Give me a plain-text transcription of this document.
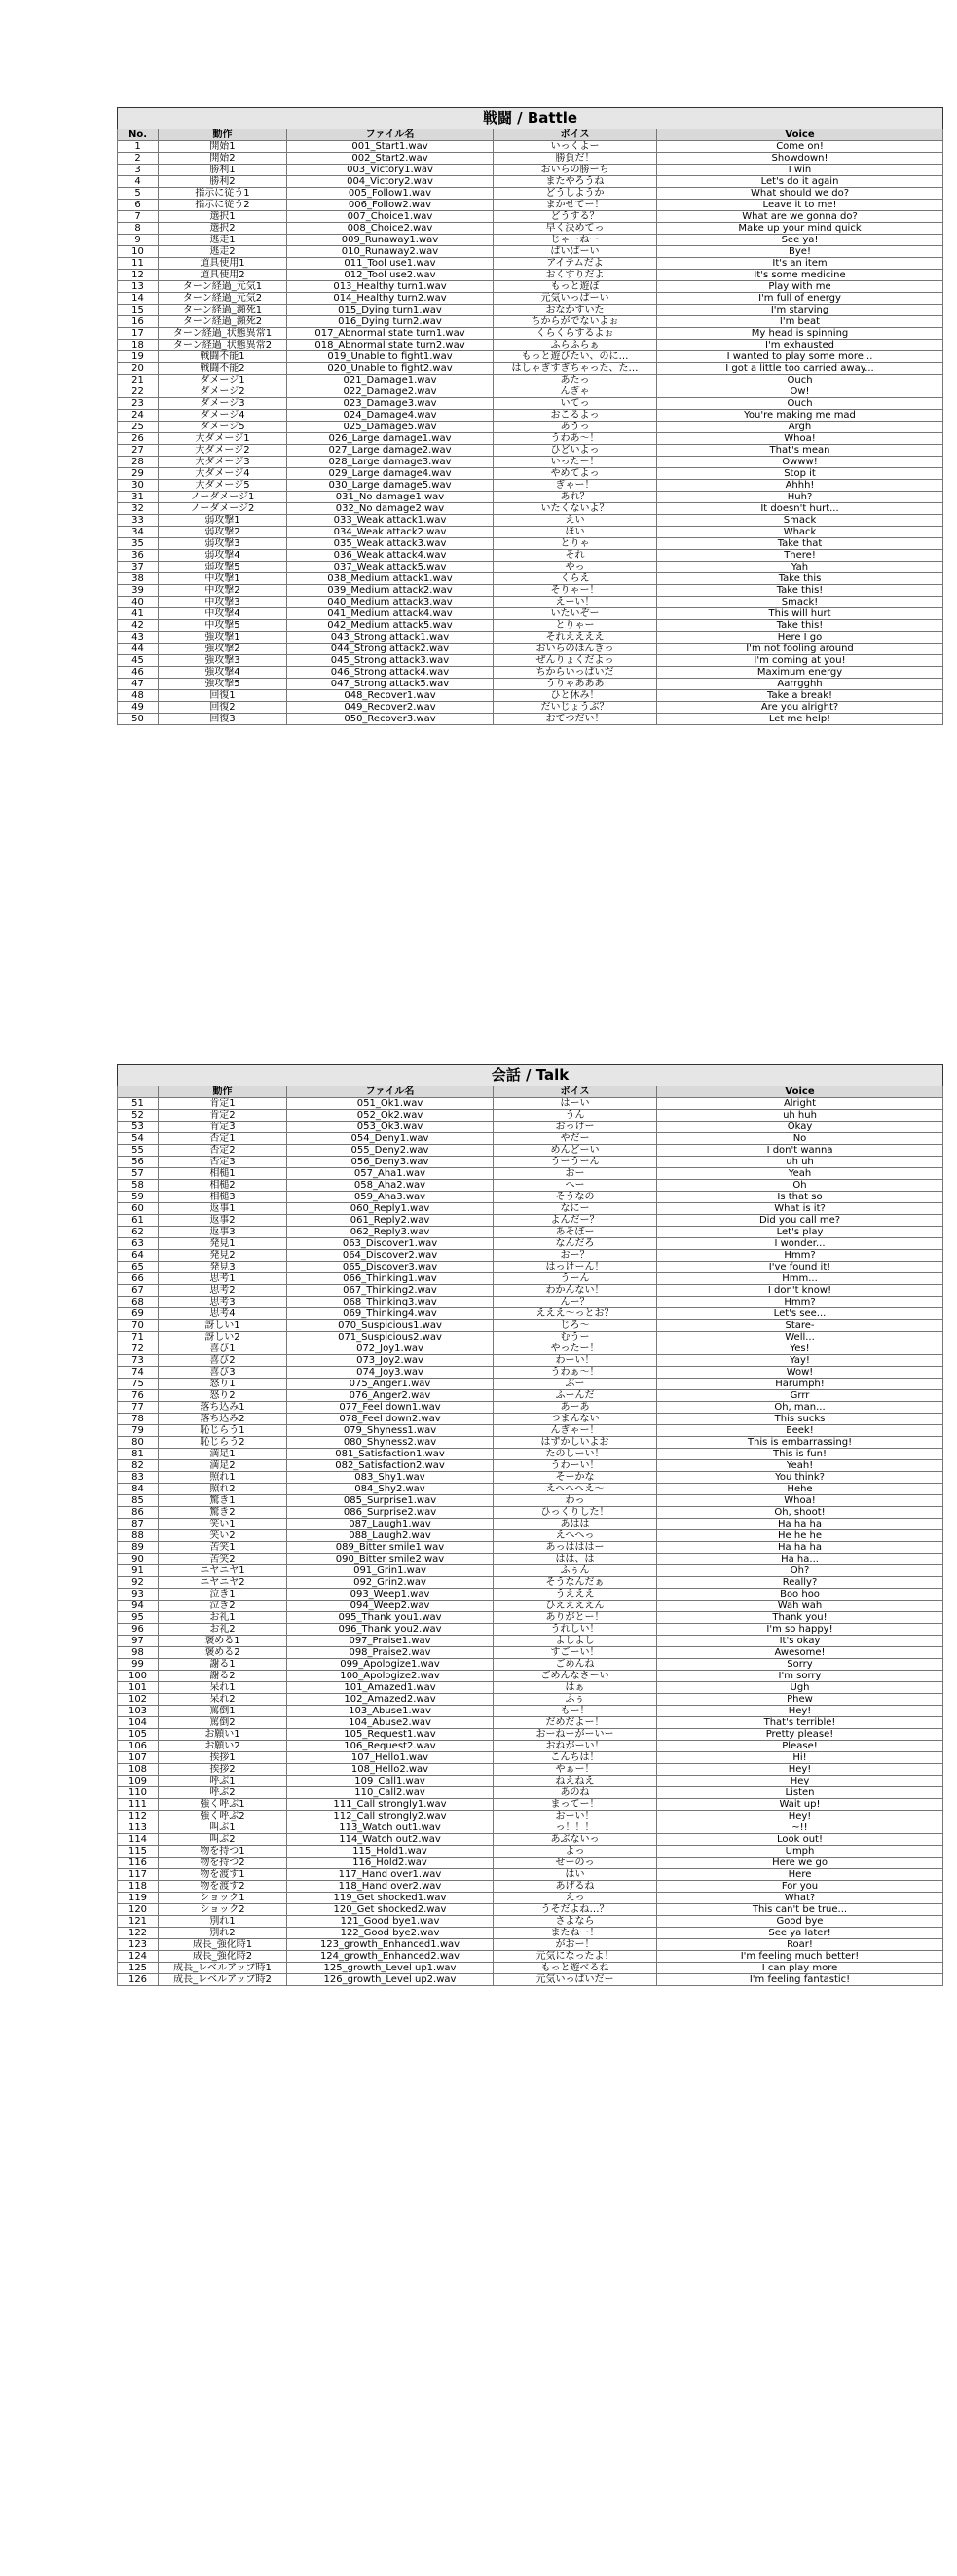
戦闘 / Battle				
No.	動作	ファイル名	ボイス	Voice
1	開始1	001_Start1.wav	いっくよー	Come on!
2	開始2	002_Start2.wav	勝負だ！	Showdown!
3	勝利1	003_Victory1.wav	おいらの勝ーち	I win
4	勝利2	004_Victory2.wav	またやろうね	Let's do it again
5	指示に従う1	005_Follow1.wav	どうしようか	What should we do?
6	指示に従う2	006_Follow2.wav	まかせてー！	Leave it to me!
7	選択1	007_Choice1.wav	どうする？	What are we gonna do?
8	選択2	008_Choice2.wav	早く決めてっ	Make up your mind quick
9	逃走1	009_Runaway1.wav	じゃーねー	See ya!
10	逃走2	010_Runaway2.wav	ばいばーい	Bye!
11	道具使用1	011_Tool use1.wav	アイテムだよ	It's an item
12	道具使用2	012_Tool use2.wav	おくすりだよ	It's some medicine
13	ターン経過_元気1	013_Healthy turn1.wav	もっと遊ぼ	Play with me
14	ターン経過_元気2	014_Healthy turn2.wav	元気いっぱーい	I'm full of energy
15	ターン経過_瀕死1	015_Dying turn1.wav	おなかすいた	I'm starving
16	ターン経過_瀕死2	016_Dying turn2.wav	ちからがでないよぉ	I'm beat
17	ターン経過_状態異常1	017_Abnormal state turn1.wav	くらくらするよぉ	My head is spinning
18	ターン経過_状態異常2	018_Abnormal state turn2.wav	ふらふらぁ	I'm exhausted
19	戦闘不能1	019_Unable to fight1.wav	もっと遊びたい、のに…	I wanted to play some more...
20	戦闘不能2	020_Unable to fight2.wav	はしゃぎすぎちゃった、た…	I got a little too carried away...
21	ダメージ1	021_Damage1.wav	あたっ	Ouch
22	ダメージ2	022_Damage2.wav	んぎゃ	Ow!
23	ダメージ3	023_Damage3.wav	いてっ	Ouch
24	ダメージ4	024_Damage4.wav	おこるよっ	You're making me mad
25	ダメージ5	025_Damage5.wav	あうっ	Argh
26	大ダメージ1	026_Large damage1.wav	うわあ～！	Whoa!
27	大ダメージ2	027_Large damage2.wav	ひどいよっ	That's mean
28	大ダメージ3	028_Large damage3.wav	いったー！	Owww!
29	大ダメージ4	029_Large damage4.wav	やめてよっ	Stop it
30	大ダメージ5	030_Large damage5.wav	ぎゃー！	Ahhh!
31	ノーダメージ1	031_No damage1.wav	あれ？	Huh?
32	ノーダメージ2	032_No damage2.wav	いたくないよ？	It doesn't hurt...
33	弱攻撃1	033_Weak attack1.wav	えい	Smack
34	弱攻撃2	034_Weak attack2.wav	ほい	Whack
35	弱攻撃3	035_Weak attack3.wav	とりゃ	Take that
36	弱攻撃4	036_Weak attack4.wav	それ	There!
37	弱攻撃5	037_Weak attack5.wav	やっ	Yah
38	中攻撃1	038_Medium attack1.wav	くらえ	Take this
39	中攻撃2	039_Medium attack2.wav	そりゃー！	Take this!
40	中攻撃3	040_Medium attack3.wav	えーい！	Smack!
41	中攻撃4	041_Medium attack4.wav	いたいぞー	This will hurt
42	中攻撃5	042_Medium attack5.wav	とりゃー	Take this!
43	強攻撃1	043_Strong attack1.wav	それええええ	Here I go
44	強攻撃2	044_Strong attack2.wav	おいらのほんきっ	I'm not fooling around
45	強攻撃3	045_Strong attack3.wav	ぜんりょくだよっ	I'm coming at you!
46	強攻撃4	046_Strong attack4.wav	ちからいっぱいだ	Maximum energy
47	強攻撃5	047_Strong attack5.wav	うりゃあああ	Aarrgghh
48	回復1	048_Recover1.wav	ひと休み！	Take a break!
49	回復2	049_Recover2.wav	だいじょうぶ？	Are you alright?
50	回復3	050_Recover3.wav	おてつだい！	Let me help!
会話 / Talk				
	動作	ファイル名	ボイス	Voice
51	肯定1	051_Ok1.wav	はーい	Alright
52	肯定2	052_Ok2.wav	うん	uh huh
53	肯定3	053_Ok3.wav	おっけー	Okay
54	否定1	054_Deny1.wav	やだー	No
55	否定2	055_Deny2.wav	めんどーい	I don't wanna
56	否定3	056_Deny3.wav	うーうーん	uh uh
57	相槌1	057_Aha1.wav	おー	Yeah
58	相槌2	058_Aha2.wav	へー	Oh
59	相槌3	059_Aha3.wav	そうなの	Is that so
60	返事1	060_Reply1.wav	なにー	What is it?
61	返事2	061_Reply2.wav	よんだー？	Did you call me?
62	返事3	062_Reply3.wav	あそぼー	Let's play
63	発見1	063_Discover1.wav	なんだろ	I wonder...
64	発見2	064_Discover2.wav	おー？	Hmm?
65	発見3	065_Discover3.wav	はっけーん！	I've found it!
66	思考1	066_Thinking1.wav	うーん	Hmm...
67	思考2	067_Thinking2.wav	わかんない！	I don't know!
68	思考3	068_Thinking3.wav	んー？	Hmm?
69	思考4	069_Thinking4.wav	えええ～っとお？	Let's see...
70	訝しい1	070_Suspicious1.wav	じろ～	Stare-
71	訝しい2	071_Suspicious2.wav	むうー	Well...
72	喜び1	072_Joy1.wav	やったー！	Yes!
73	喜び2	073_Joy2.wav	わーい！	Yay!
74	喜び3	074_Joy3.wav	うわぁ～！	Wow!
75	怒り1	075_Anger1.wav	ぶー	Harumph!
76	怒り2	076_Anger2.wav	ふーんだ	Grrr
77	落ち込み1	077_Feel down1.wav	あーあ	Oh, man...
78	落ち込み2	078_Feel down2.wav	つまんない	This sucks
79	恥じらう1	079_Shyness1.wav	んぎゃー！	Eeek!
80	恥じらう2	080_Shyness2.wav	はずかしいよお	This is embarrassing!
81	満足1	081_Satisfaction1.wav	たのしーい！	This is fun!
82	満足2	082_Satisfaction2.wav	うわーい！	Yeah!
83	照れ1	083_Shy1.wav	そーかな	You think?
84	照れ2	084_Shy2.wav	えへへへえ～	Hehe
85	驚き1	085_Surprise1.wav	わっ	Whoa!
86	驚き2	086_Surprise2.wav	ひっくりした！	Oh, shoot!
87	笑い1	087_Laugh1.wav	あはは	Ha ha ha
88	笑い2	088_Laugh2.wav	えへへっ	He he he
89	苦笑1	089_Bitter smile1.wav	あっはははー	Ha ha ha
90	苦笑2	090_Bitter smile2.wav	はは、は	Ha ha...
91	ニヤニヤ1	091_Grin1.wav	ふぅん	Oh?
92	ニヤニヤ2	092_Grin2.wav	そうなんだぁ	Really?
93	泣き1	093_Weep1.wav	うえええ	Boo hoo
94	泣き2	094_Weep2.wav	ひええええん	Wah wah
95	お礼1	095_Thank you1.wav	ありがとー！	Thank you!
96	お礼2	096_Thank you2.wav	うれしい！	I'm so happy!
97	褒める1	097_Praise1.wav	よしよし	It's okay
98	褒める2	098_Praise2.wav	すごーい！	Awesome!
99	謝る1	099_Apologize1.wav	ごめんね	Sorry
100	謝る2	100_Apologize2.wav	ごめんなさーい	I'm sorry
101	呆れ1	101_Amazed1.wav	はぁ	Ugh
102	呆れ2	102_Amazed2.wav	ふぅ	Phew
103	罵倒1	103_Abuse1.wav	もー！	Hey!
104	罵倒2	104_Abuse2.wav	だめだよー！	That's terrible!
105	お願い1	105_Request1.wav	おーねーがーいー	Pretty please!
106	お願い2	106_Request2.wav	おねがーい！	Please!
107	挨拶1	107_Hello1.wav	こんちは！	Hi!
108	挨拶2	108_Hello2.wav	やぁー！	Hey!
109	呼ぶ1	109_Call1.wav	ねえねえ	Hey
110	呼ぶ2	110_Call2.wav	あのね	Listen
111	強く呼ぶ1	111_Call strongly1.wav	まってー！	Wait up!
112	強く呼ぶ2	112_Call strongly2.wav	おーい！	Hey!
113	叫ぶ1	113_Watch out1.wav	っ！！！	~!!
114	叫ぶ2	114_Watch out2.wav	あぶないっ	Look out!
115	物を持つ1	115_Hold1.wav	よっ	Umph
116	物を持つ2	116_Hold2.wav	せーのっ	Here we go
117	物を渡す1	117_Hand over1.wav	はい	Here
118	物を渡す2	118_Hand over2.wav	あげるね	For you
119	ショック1	119_Get shocked1.wav	えっ	What?
120	ショック2	120_Get shocked2.wav	うそだよね…？	This can't be true...
121	別れ1	121_Good bye1.wav	さよなら	Good bye
122	別れ2	122_Good bye2.wav	またねー！	See ya later!
123	成長_強化時1	123_growth_Enhanced1.wav	がおー！	Roar!
124	成長_強化時2	124_growth_Enhanced2.wav	元気になったよ！	I'm feeling much better!
125	成長_レベルアップ時1	125_growth_Level up1.wav	もっと遊べるね	I can play more
126	成長_レベルアップ時2	126_growth_Level up2.wav	元気いっぱいだー	I'm feeling fantastic!
